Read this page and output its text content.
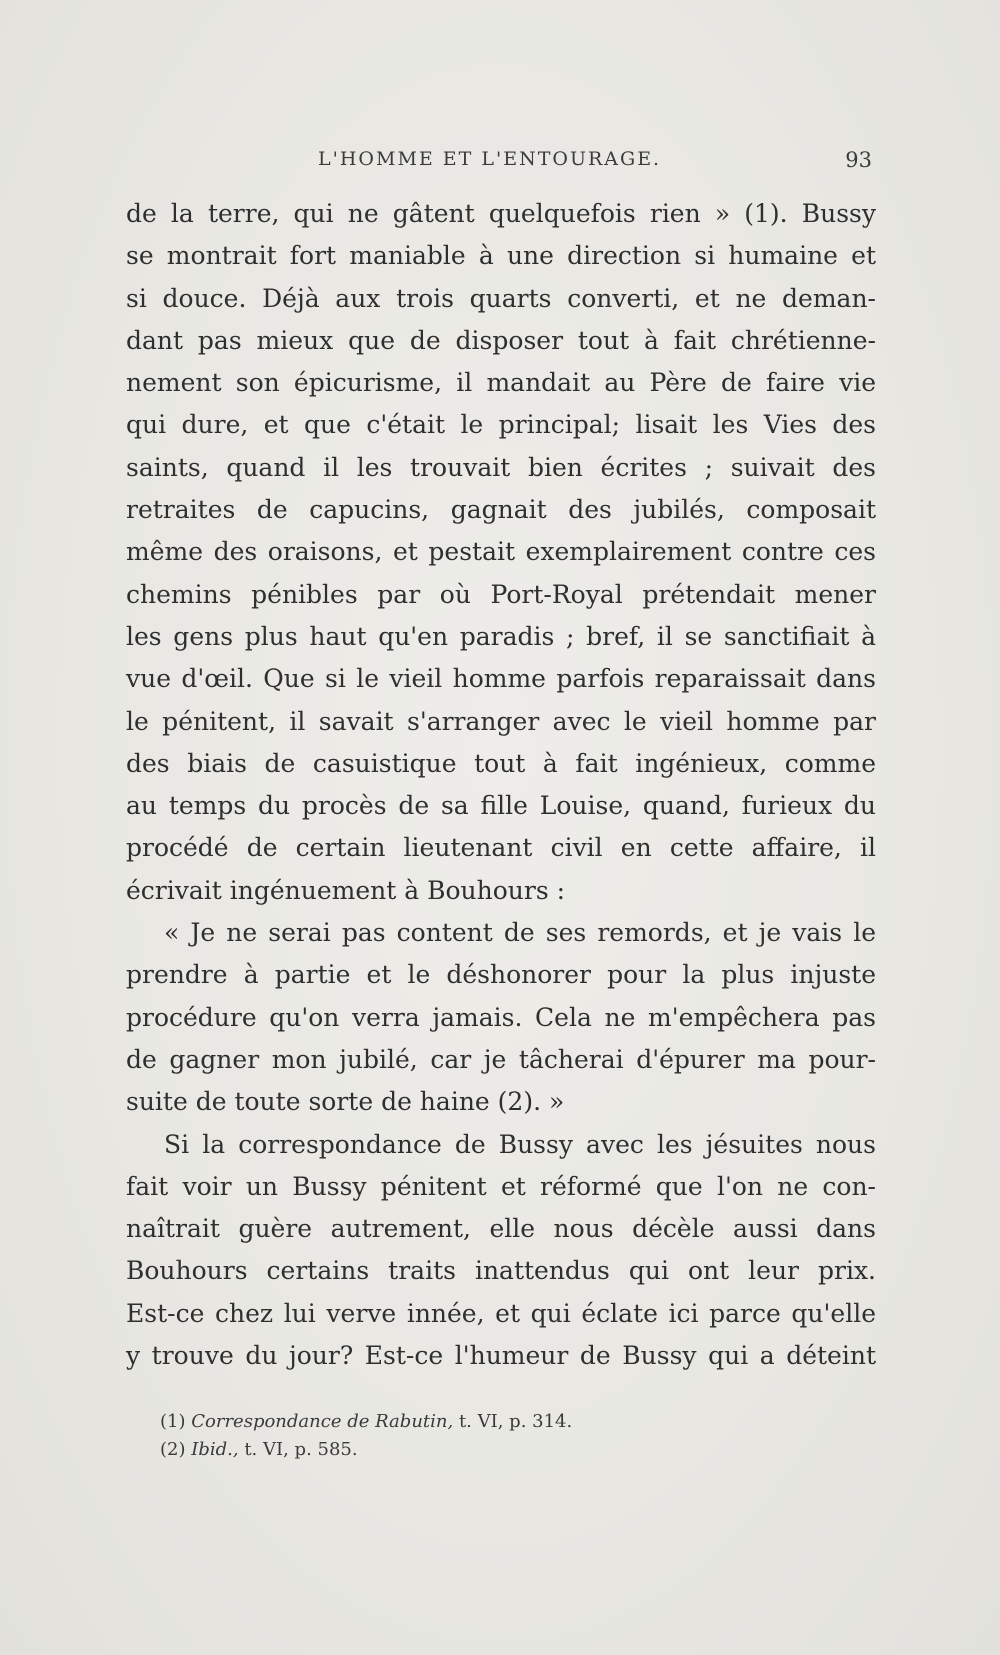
L'HOMME ET L'ENTOURAGE.	93
de la terre, qui ne gâtent quelquefois rien » (1). Bussy
se montrait fort maniable à une direction si humaine et
si douce. Déjà aux trois quarts converti, et ne deman-
dant pas mieux que de disposer tout à fait chrétienne-
nement son épicurisme, il mandait au Père de faire vie
qui dure, et que c'était le principal; lisait les Vies des
saints, quand il les trouvait bien écrites ; suivait des
retraites de capucins, gagnait des jubilés, composait
même des oraisons, et pestait exemplairement contre ces
chemins pénibles par où Port-Royal prétendait mener
les gens plus haut qu'en paradis ; bref, il se sanctifiait à
vue d'œil. Que si le vieil homme parfois reparaissait dans
le pénitent, il savait s'arranger avec le vieil homme par
des biais de casuistique tout à fait ingénieux, comme
au temps du procès de sa fille Louise, quand, furieux du
procédé de certain lieutenant civil en cette affaire, il
écrivait ingénuement à Bouhours :
« Je ne serai pas content de ses remords, et je vais le
prendre à partie et le déshonorer pour la plus injuste
procédure qu'on verra jamais. Cela ne m'empêchera pas
de gagner mon jubilé, car je tâcherai d'épurer ma pour-
suite de toute sorte de haine (2). »
Si la correspondance de Bussy avec les jésuites nous
fait voir un Bussy pénitent et réformé que l'on ne con-
naîtrait guère autrement, elle nous décèle aussi dans
Bouhours certains traits inattendus qui ont leur prix.
Est-ce chez lui verve innée, et qui éclate ici parce qu'elle
y trouve du jour? Est-ce l'humeur de Bussy qui a déteint
(1) Correspondance de Rabutin, t. VI, p. 314.
(2) Ibid., t. VI, p. 585.
